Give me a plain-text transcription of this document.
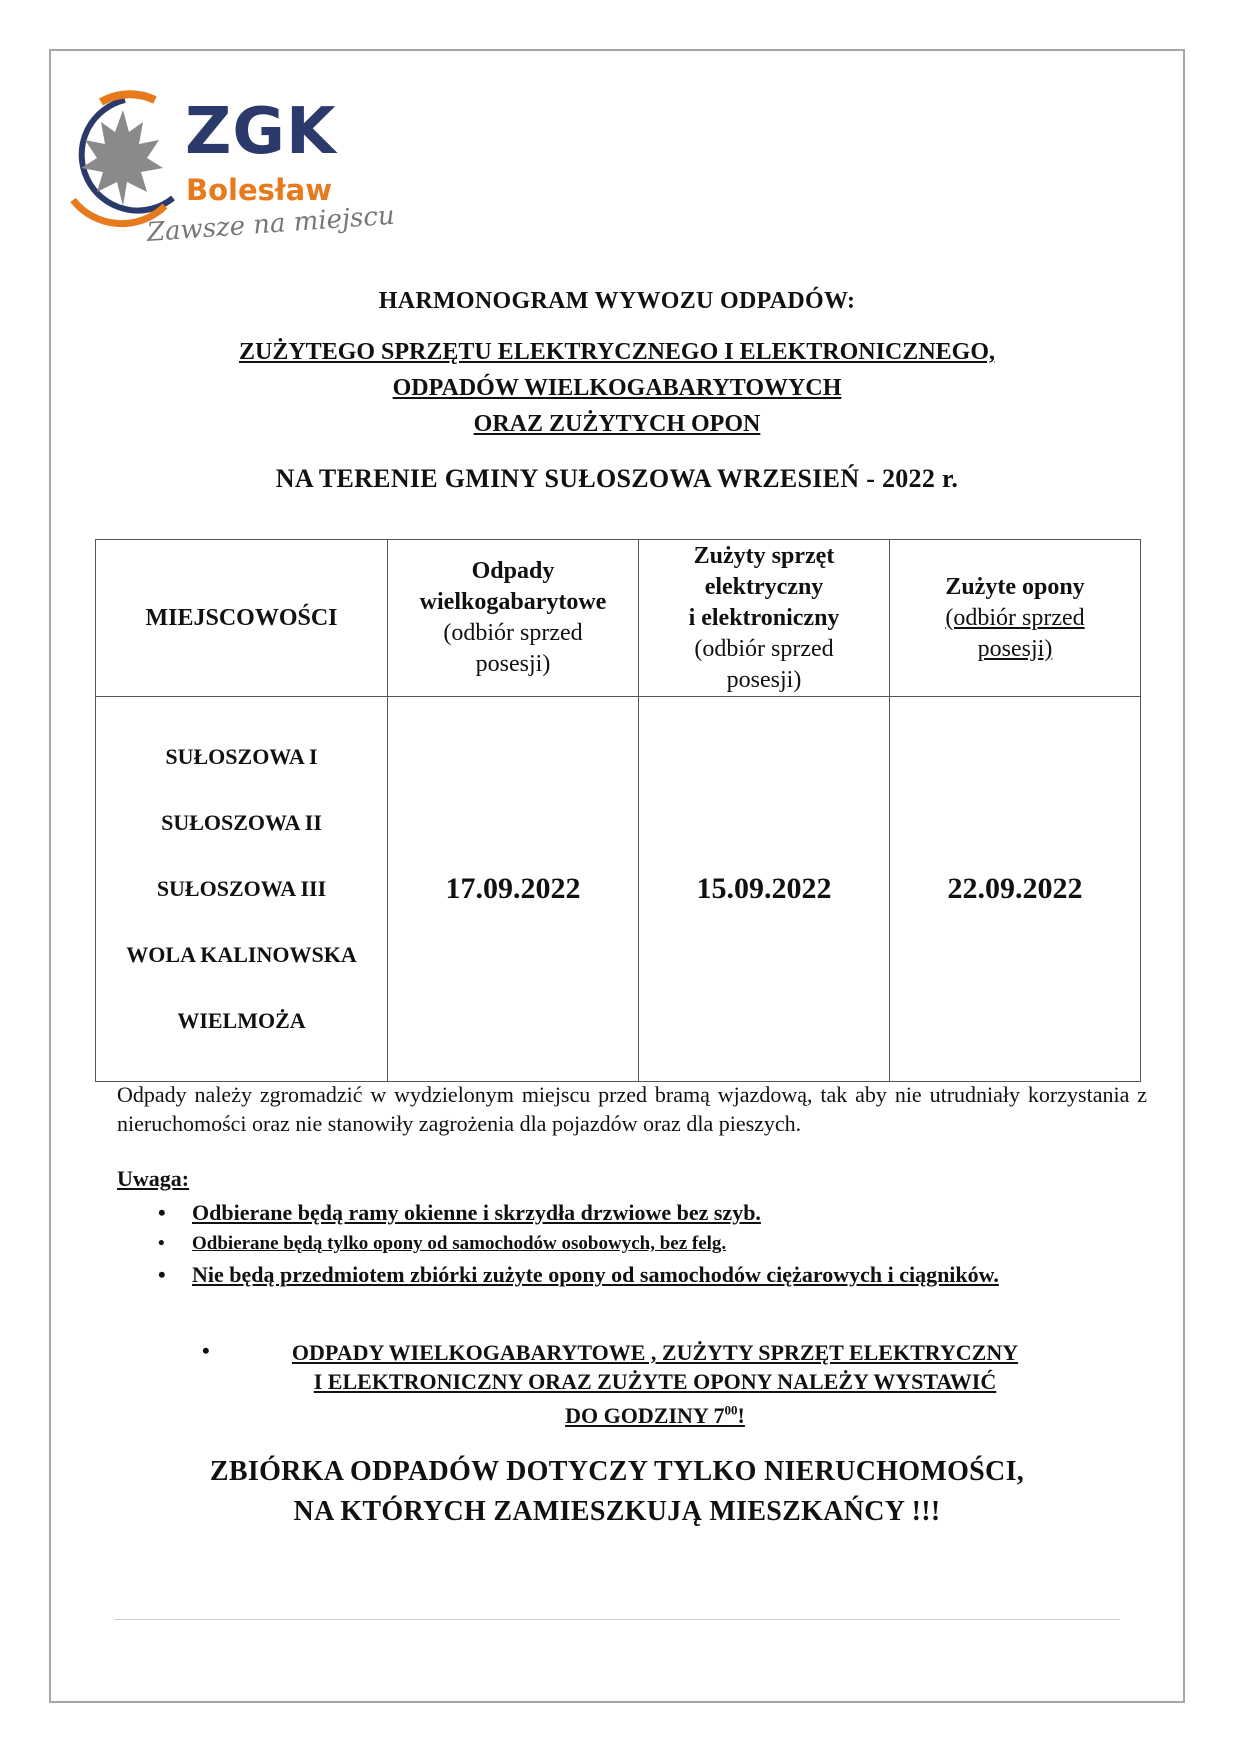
ZGK
Bolesław
Zawsze na miejscu
HARMONOGRAM WYWOZU ODPADÓW:
ZUŻYTEGO SPRZĘTU ELEKTRYCZNEGO I ELEKTRONICZNEGO,
ODPADÓW WIELKOGABARYTOWYCH
ORAZ ZUŻYTYCH OPON
NA TERENIE GMINY SUŁOSZOWA WRZESIEŃ - 2022 r.
MIEJSCOWOŚCI	Odpady
wielkogabarytowe
(odbiór sprzed
posesji)	Zużyty sprzęt
elektryczny
i elektroniczny
(odbiór sprzed
posesji)	Zużyte opony
(odbiór sprzed
posesji)

SUŁOSZOWA I
SUŁOSZOWA II
SUŁOSZOWA III
WOLA KALINOWSKA
WIELMOŻA	17.09.2022	15.09.2022	22.09.2022
Odpady należy zgromadzić w wydzielonym miejscu przed bramą wjazdową, tak aby nie utrudniały korzystania z nieruchomości oraz nie stanowiły zagrożenia dla pojazdów oraz dla pieszych.
Uwaga:
• Odbierane będą ramy okienne i skrzydła drzwiowe bez szyb.
• Odbierane będą tylko opony od samochodów osobowych, bez felg.
• Nie będą przedmiotem zbiórki zużyte opony od samochodów ciężarowych i ciągników.
•	ODPADY WIELKOGABARYTOWE , ZUŻYTY SPRZĘT ELEKTRYCZNY
I ELEKTRONICZNY ORAZ ZUŻYTE OPONY NALEŻY WYSTAWIĆ
DO GODZINY $7^{00}$!
ZBIÓRKA ODPADÓW DOTYCZY TYLKO NIERUCHOMOŚCI,
NA KTÓRYCH ZAMIESZKUJĄ MIESZKAŃCY !!!
